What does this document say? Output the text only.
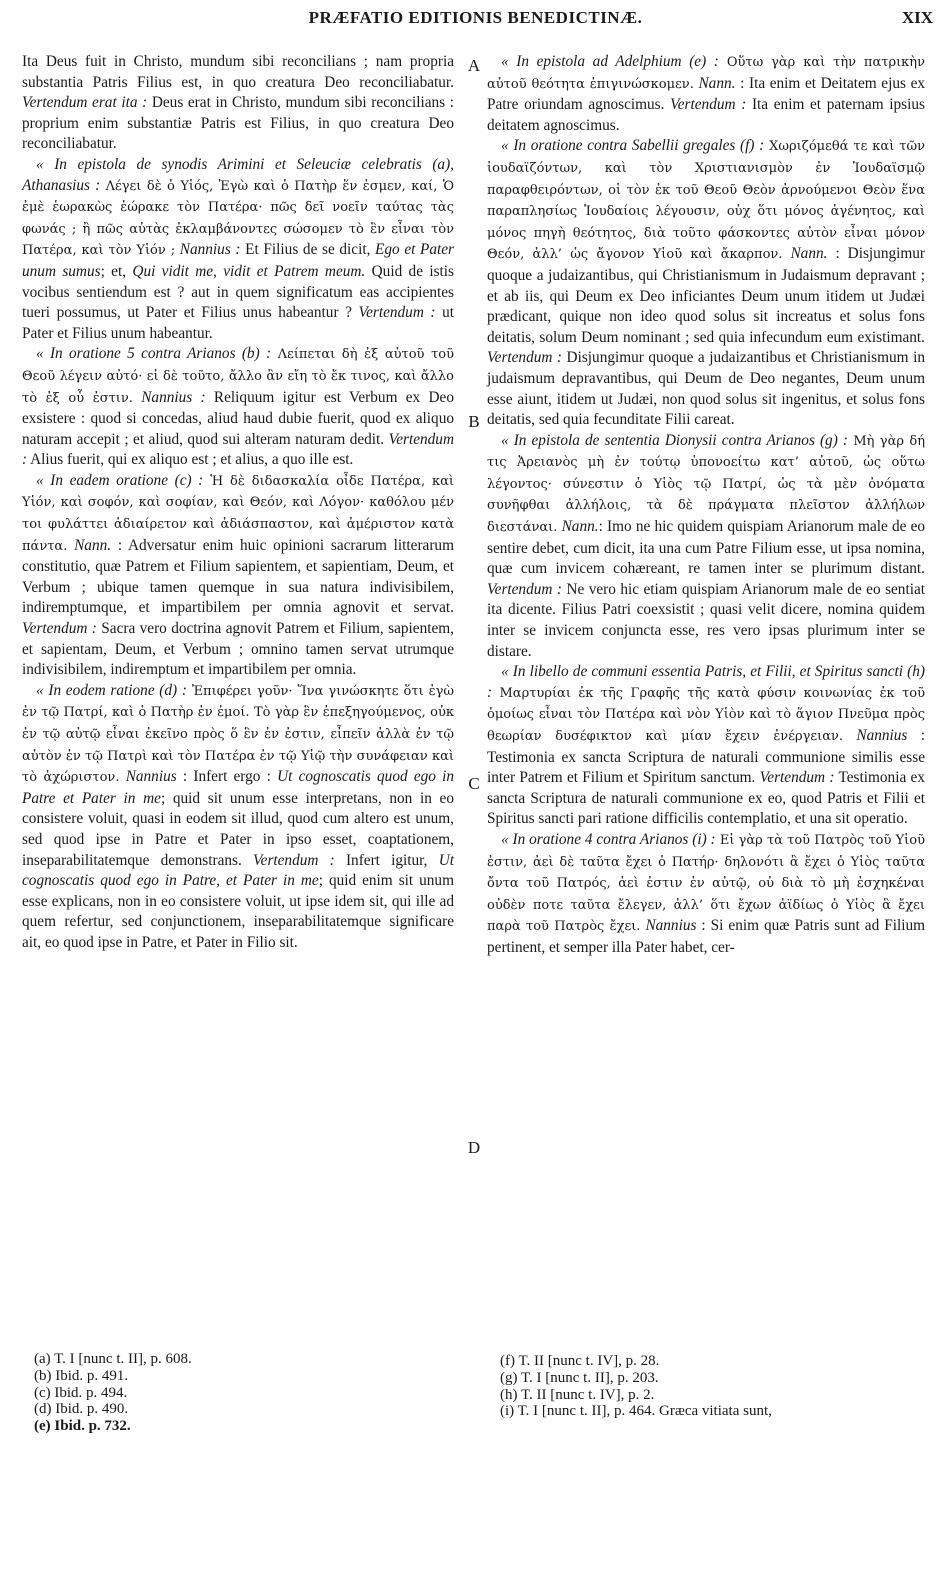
PRÆFATIO EDITIONIS BENEDICTINÆ.	XIX

Ita Deus fuit in Christo, mundum sibi reconcilians ; nam propria substantia Patris Filius est, in quo creatura Deo reconciliabatur. Vertendum erat ita : Deus erat in Christo, mundum sibi reconcilians : proprium enim substantiæ Patris est Filius, in quo creatura Deo reconciliabatur.

« In epistola de synodis Arimini et Seleuciæ celebratis (a), Athanasius : Λέγει δὲ ὁ Υἱός, Ἐγὼ καὶ ὁ Πατὴρ ἕν ἐσμεν, καί, Ὁ ἐμὲ ἑωρακὼς ἑώρακε τὸν Πατέρα· πῶς δεῖ νοεῖν ταύτας τὰς φωνάς ; ἢ πῶς αὐτὰς ἐκλαμβάνοντες σώσομεν τὸ ἓν εἶναι τὸν Πατέρα, καὶ τὸν Υἱόν ; Nannius : Et Filius de se dicit, Ego et Pater unum sumus; et, Qui vidit me, vidit et Patrem meum. Quid de istis vocibus sentiendum est ? aut in quem significatum eas accipientes tueri possumus, ut Pater et Filius unus habeantur ? Vertendum : ut Pater et Filius unum habeantur.

« In oratione 5 contra Arianos (b) : Λείπεται δὴ ἐξ αὐτοῦ τοῦ Θεοῦ λέγειν αὐτό· εἰ δὲ τοῦτο, ἄλλο ἂν εἴη τὸ ἔκ τινος, καὶ ἄλλο τὸ ἐξ οὗ ἐστιν. Nannius : Reliquum igitur est Verbum ex Deo exsistere : quod si concedas, aliud haud dubie fuerit, quod ex aliquo naturam accepit ; et aliud, quod sui alteram naturam dedit. Vertendum : Alius fuerit, qui ex aliquo est ; et alius, a quo ille est.

« In eadem oratione (c) : Ἡ δὲ διδασκαλία οἶδε Πατέρα, καὶ Υἱόν, καὶ σοφόν, καὶ σοφίαν, καὶ Θεόν, καὶ Λόγον· καθόλου μέν τοι φυλάττει ἀδιαίρετον καὶ ἀδιάσπαστον, καὶ ἀμέριστον κατὰ πάντα. Nann. : Adversatur enim huic opinioni sacrarum litterarum constitutio, quæ Patrem et Filium sapientem, et sapientiam, Deum, et Verbum ; ubique tamen quemque in sua natura indivisibilem, indiremptumque, et impartibilem per omnia agnovit et servat. Vertendum : Sacra vero doctrina agnovit Patrem et Filium, sapientem, et sapientam, Deum, et Verbum ; omnino tamen servat utrumque indivisibilem, indiremptum et impartibilem per omnia.

« In eodem ratione (d) : Ἐπιφέρει γοῦν· Ἵνα γινώσκητε ὅτι ἐγὼ ἐν τῷ Πατρί, καὶ ὁ Πατὴρ ἐν ἐμοί. Τὸ γὰρ ἓν ἐπεξηγούμενος, οὐκ ἐν τῷ αὐτῷ εἶναι ἐκεῖνο πρὸς ὅ ἓν ἐν ἐστιν, εἶπεῖν ἀλλὰ ἐν τῷ αὐτὸν ἐν τῷ Πατρὶ καὶ τὸν Πατέρα ἐν τῷ Υἱῷ τὴν συνάφειαν καὶ τὸ ἀχώριστον. Nannius : Infert ergo : Ut cognoscatis quod ego in Patre et Pater in me; quid sit unum esse interpretans, non in eo consistere voluit, quasi in eodem sit illud, quod cum altero est unum, sed quod ipse in Patre et Pater in ipso esset, coaptationem, inseparabilitatemque demonstrans. Vertendum : Infert igitur, Ut cognoscatis quod ego in Patre, et Pater in me; quid enim sit unum esse explicans, non in eo consistere voluit, ut ipse idem sit, qui ille ad quem refertur, sed conjunctionem, inseparabilitatemque significare ait, eo quod ipse in Patre, et Pater in Filio sit.

A
B
C
D

« In epistola ad Adelphium (e) : Οὕτω γὰρ καὶ τὴν πατρικὴν αὐτοῦ θεότητα ἐπιγινώσκομεν. Nann. : Ita enim et Deitatem ejus ex Patre oriundam agnoscimus. Vertendum : Ita enim et paternam ipsius deitatem agnoscimus.

« In oratione contra Sabellii gregales (f) : Χωριζόμεθά τε καὶ τῶν ἰουδαϊζόντων, καὶ τὸν Χριστιανισμὸν ἐν Ἰουδαϊσμῷ παραφθειρόντων, οἱ τὸν ἐκ τοῦ Θεοῦ Θεὸν ἀρνούμενοι Θεὸν ἕνα παραπλησίως Ἰουδαίοις λέγουσιν, οὐχ ὅτι μόνος ἀγένητος, καὶ μόνος πηγὴ θεότητος, διὰ τοῦτο φάσκοντες αὐτὸν εἶναι μόνον Θεόν, ἀλλ’ ὡς ἄγονον Υἱοῦ καὶ ἄκαρπον. Nann. : Disjungimur quoque a judaizantibus, qui Christianismum in Judaismum depravant ; et ab iis, qui Deum ex Deo inficiantes Deum unum itidem ut Judæi prædicant, quique non ideo quod solus sit increatus et solus fons deitatis, solum Deum nominant ; sed quia infecundum eum existimant. Vertendum : Disjungimur quoque a judaizantibus et Christianismum in judaismum depravantibus, qui Deum de Deo negantes, Deum unum esse aiunt, itidem ut Judæi, non quod solus sit ingenitus, et solus fons deitatis, sed quia fecunditate Filii careat.

« In epistola de sententia Dionysii contra Arianos (g) : Μὴ γὰρ δή τις Ἀρειανὸς μὴ ἐν τούτῳ ὑπονοείτω κατ’ αὐτοῦ, ὡς οὕτω λέγοντος· σύνεστιν ὁ Υἱὸς τῷ Πατρί, ὡς τὰ μὲν ὀνόματα συνῆφθαι ἀλλήλοις, τὰ δὲ πράγματα πλεῖστον ἀλλήλων διεστάναι. Nann.: Imo ne hic quidem quispiam Arianorum male de eo sentire debet, cum dicit, ita una cum Patre Filium esse, ut ipsa nomina, quæ cum invicem cohæreant, re tamen inter se plurimum distant. Vertendum : Ne vero hic etiam quispiam Arianorum male de eo sentiat ita dicente. Filius Patri coexsistit ; quasi velit dicere, nomina quidem inter se invicem conjuncta esse, res vero ipsas plurimum inter se distare.

« In libello de communi essentia Patris, et Filii, et Spiritus sancti (h) : Μαρτυρίαι ἐκ τῆς Γραφῆς τῆς κατὰ φύσιν κοινωνίας ἐκ τοῦ ὁμοίως εἶναι τὸν Πατέρα καὶ νὸν Υἱὸν καὶ τὸ ἅγιον Πνεῦμα πρὸς θεωρίαν δυσέφικτον καὶ μίαν ἔχειν ἐνέργειαν. Nannius : Testimonia ex sancta Scriptura de naturali communione similis esse inter Patrem et Filium et Spiritum sanctum. Vertendum : Testimonia ex sancta Scriptura de naturali communione ex eo, quod Patris et Filii et Spiritus sancti pari ratione difficilis contemplatio, et una sit operatio.

« In oratione 4 contra Arianos (i) : Εἰ γὰρ τὰ τοῦ Πατρὸς τοῦ Υἱοῦ ἐστιν, ἀεὶ δὲ ταῦτα ἔχει ὁ Πατήρ· δηλονότι ἃ ἔχει ὁ Υἱὸς ταῦτα ὄντα τοῦ Πατρός, ἀεὶ ἐστιν ἐν αὐτῷ, οὐ διὰ τὸ μὴ ἐσχηκέναι οὐδὲν ποτε ταῦτα ἔλεγεν, ἀλλ’ ὅτι ἔχων ἀϊδίως ὁ Υἱὸς ἃ ἔχει παρὰ τοῦ Πατρὸς ἔχει. Nannius : Si enim quæ Patris sunt ad Filium pertinent, et semper illa Pater habet, cer-

(a) T. I [nunc t. II], p. 608.
(b) Ibid. p. 491.
(c) Ibid. p. 494.
(d) Ibid. p. 490.
(e) Ibid. p. 732.
(f) T. II [nunc t. IV], p. 28.
(g) T. I [nunc t. II], p. 203.
(h) T. II [nunc t. IV], p. 2.
(i) T. I [nunc t. II], p. 464. Græca vitiata sunt,
